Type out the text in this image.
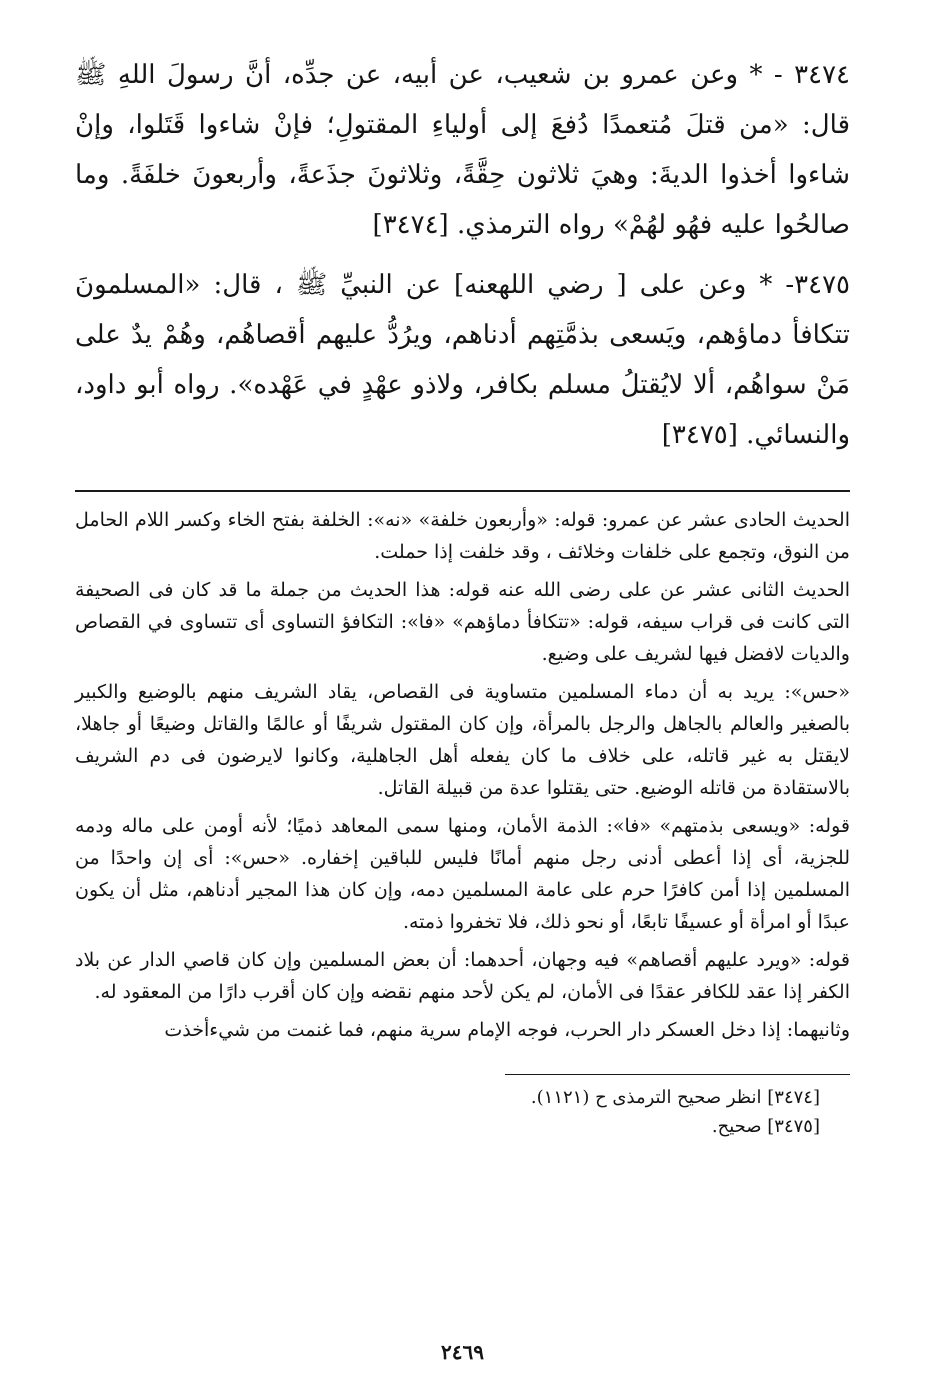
٣٤٧٤ - * وعن عمرو بن شعيب، عن أبيه، عن جدِّه، أنَّ رسولَ اللهِ ﷺ قال: «من قتلَ مُتعمدًا دُفعَ إلى أولياءِ المقتولِ؛ فإنْ شاءوا قَتَلوا، وإنْ شاءوا أخذوا الديةَ: وهيَ ثلاثون حِقَّةً، وثلاثونَ جذَعةً، وأربعونَ خلفَةً. وما صالحُوا عليه فهُو لهُمْ» رواه الترمذي. [٣٤٧٤]

٣٤٧٥- * وعن على [ رضي اللهعنه] عن النبيِّ ﷺ ، قال: «المسلمونَ تتكافأ دماؤهم، ويَسعى بذمَّتِهم أدناهم، ويرُدُّ عليهم أقصاهُم، وهُمْ يدٌ على مَنْ سواهُم، ألا لايُقتلُ مسلم بكافر، ولاذو عهْدٍ في عَهْده». رواه أبو داود، والنسائي. [٣٤٧٥]

الحديث الحادى عشر عن عمرو: قوله: «وأربعون خلفة» «نه»: الخلفة بفتح الخاء وكسر اللام الحامل من النوق، وتجمع على خلفات وخلائف ، وقد خلفت إذا حملت.

الحديث الثانى عشر عن على رضى الله عنه قوله: هذا الحديث من جملة ما قد كان فى الصحيفة التى كانت فى قراب سيفه، قوله: «تتكافأ دماؤهم» «فا»: التكافؤ التساوى أى تتساوى في القصاص والديات لافضل فيها لشريف على وضيع.

«حس»: يريد به أن دماء المسلمين متساوية فى القصاص، يقاد الشريف منهم بالوضيع والكبير بالصغير والعالم بالجاهل والرجل بالمرأة، وإن كان المقتول شريفًا أو عالمًا والقاتل وضيعًا أو جاهلا، لايقتل به غير قاتله، على خلاف ما كان يفعله أهل الجاهلية، وكانوا لايرضون فى دم الشريف بالاستقادة من قاتله الوضيع. حتى يقتلوا عدة من قبيلة القاتل.

قوله: «ويسعى بذمتهم» «فا»: الذمة الأمان، ومنها سمى المعاهد ذميًا؛ لأنه أومن على ماله ودمه للجزية، أى إذا أعطى أدنى رجل منهم أمانًا فليس للباقين إخفاره. «حس»: أى إن واحدًا من المسلمين إذا أمن كافرًا حرم على عامة المسلمين دمه، وإن كان هذا المجير أدناهم، مثل أن يكون عبدًا أو امرأة أو عسيفًا تابعًا، أو نحو ذلك، فلا تخفروا ذمته.

قوله: «ويرد عليهم أقصاهم» فيه وجهان، أحدهما: أن بعض المسلمين وإن كان قاصي الدار عن بلاد الكفر إذا عقد للكافر عقدًا فى الأمان، لم يكن لأحد منهم نقضه وإن كان أقرب دارًا من المعقود له.

وثانيهما: إذا دخل العسكر دار الحرب، فوجه الإمام سرية منهم، فما غنمت من شيءأخذت

[٣٤٧٤] انظر صحيح الترمذى ح (١١٢١).

[٣٤٧٥] صحيح.

٢٤٦٩
